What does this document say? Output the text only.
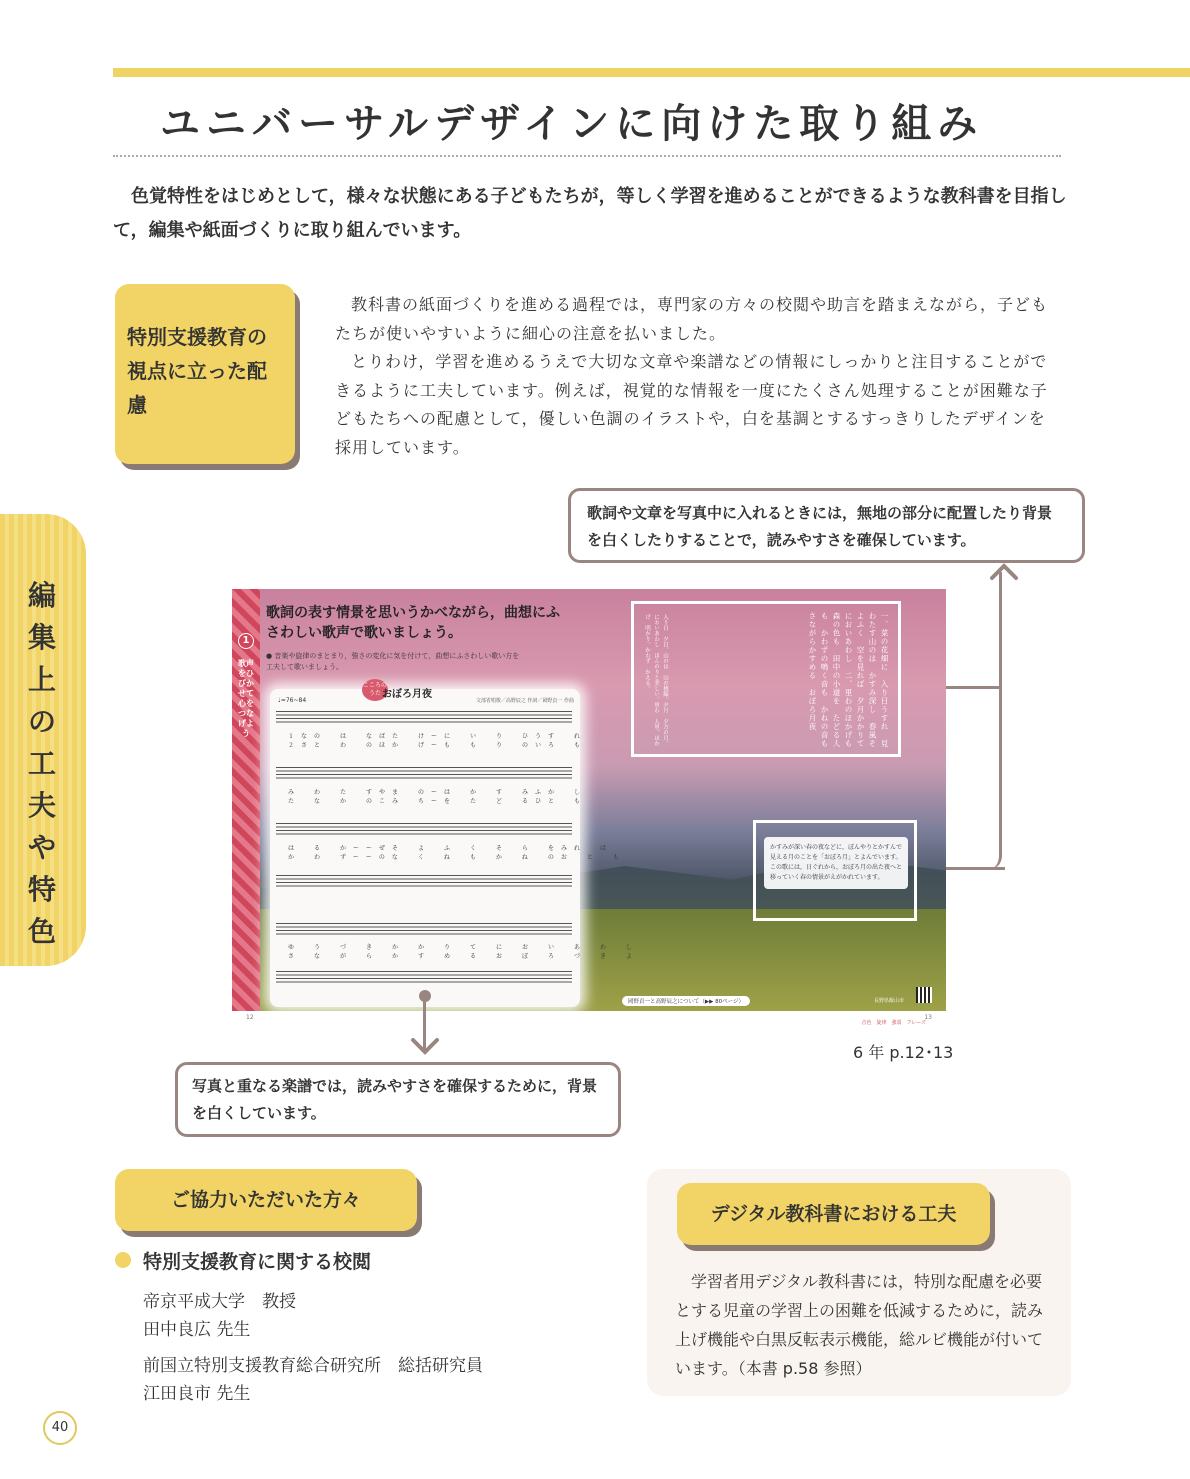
ユニバーサルデザインに向けた取り組み

色覚特性をはじめとして，様々な状態にある子どもたちが，等しく学習を進めることができるような教科書を目指して，編集や紙面づくりに取り組んでいます。

特別支援教育の視点に立った配慮

教科書の紙面づくりを進める過程では，専門家の方々の校閲や助言を踏まえながら，子どもたちが使いやすいように細心の注意を払いました。

とりわけ，学習を進めるうえで大切な文章や楽譜などの情報にしっかりと注目することができるように工夫しています。例えば，視覚的な情報を一度にたくさん処理することが困難な子どもたちへの配慮として，優しい色調のイラストや，白を基調とするすっきりしたデザインを採用しています。

編集上の工夫や特色
歌詞や文章を写真中に入れるときには，無地の部分に配置したり背景を白くしたりすることで，読みやすさを確保しています。
1
歌声をひびかせて心をつなげよう
歌詞の表す情景を思いうかべながら，曲想にふさわしい歌声で歌いましょう。
● 音楽や旋律のまとまり，強さの変化に気を付けて，曲想にふさわしい歌い方を工夫して歌いましょう。
こころのうた おぼろ月夜
文部省唱歌／高野辰之 作詞／岡野貞一 作曲
♩=76~84
１なの　は　なばた　けーに　い　り　ひうす　れ
２さと　わ　のほか　げーも　も　り　のいろ　も
み　わ　た　すやま　のーは　か　す　みふか　し
た　な　か　のこみ　ちーを　た　ど　るひと　も
は　る　かーーぜそ　よ　ふ　く　そ　ら　をみれ　ば
か　わ　ずーーのな　く　ね　も　か　ね　のお　と　も
ゆ　う　づ　き　か　か　り　て　に　お　い　あ　わ　し
さ　な　が　ら　か　す　め　る　お　ぼ　ろ　づ　き　よ
一、菜の花畑に　入り日うすれ　見わたす山のは　かすみ深し　春風そよふく　空を見れば　夕月かかりて　においあわし　二、里わのほかげも　森の色も　田中の小道を　たどる人も　かわずの鳴く音も　かねの音も　さながらかすめる　おぼろ月夜
入り日　夕日。山のは　山の稜線。夕月　夕方の月。においあわし　ほんのりと美しい。里わ　人里。ほかげ　明かり。かわず　かえる。
かすみが深い春の夜などに，ぼんやりとかすんで見える月のことを「おぼろ月」とよんでいます。この歌には，日ぐれから，おぼろ月の出た夜へと移っていく春の情景がえがかれています。
岡野貞一と高野辰之について（▶▶ 80ページ）	長野県飯山市
12
音色　旋律　強弱　フレーズ
13
6 年 p.12･13
写真と重なる楽譜では，読みやすさを確保するために，背景を白くしています。
ご協力いただいた方々
特別支援教育に関する校閲
帝京平成大学　教授
田中良広 先生
前国立特別支援教育総合研究所　総括研究員
江田良市 先生
デジタル教科書における工夫

学習者用デジタル教科書には，特別な配慮を必要とする児童の学習上の困難を低減するために，読み上げ機能や白黒反転表示機能，総ルビ機能が付いています。（本書 p.58 参照）

40
